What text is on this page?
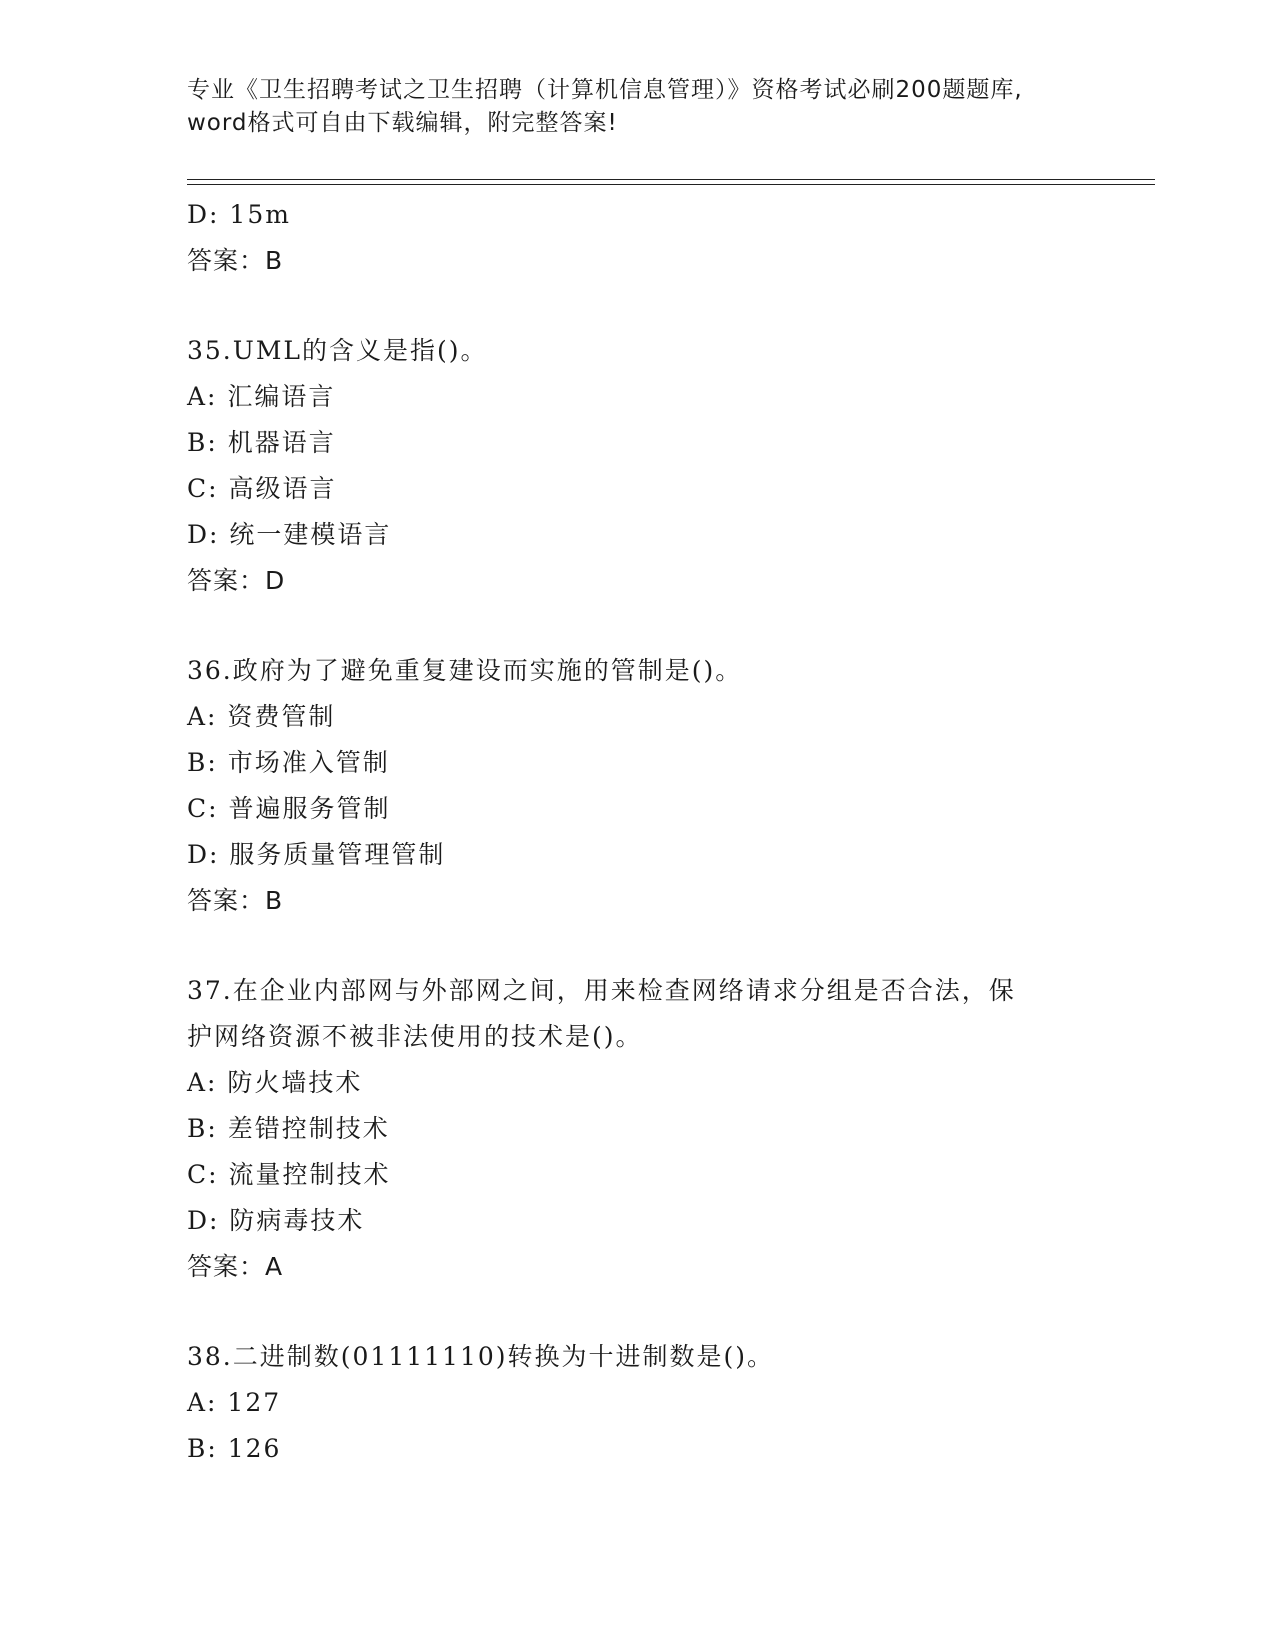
专业《卫生招聘考试之卫生招聘（计算机信息管理）》资格考试必刷200题题库,
word格式可自由下载编辑，附完整答案!
D: 15m
答案：B
35.UML的含义是指()。
A: 汇编语言
B: 机器语言
C: 高级语言
D: 统一建模语言
答案：D
36.政府为了避免重复建设而实施的管制是()。
A: 资费管制
B: 市场准入管制
C: 普遍服务管制
D: 服务质量管理管制
答案：B
37.在企业内部网与外部网之间，用来检查网络请求分组是否合法，保
护网络资源不被非法使用的技术是()。
A: 防火墙技术
B: 差错控制技术
C: 流量控制技术
D: 防病毒技术
答案：A
38.二进制数(01111110)转换为十进制数是()。
A: 127
B: 126
